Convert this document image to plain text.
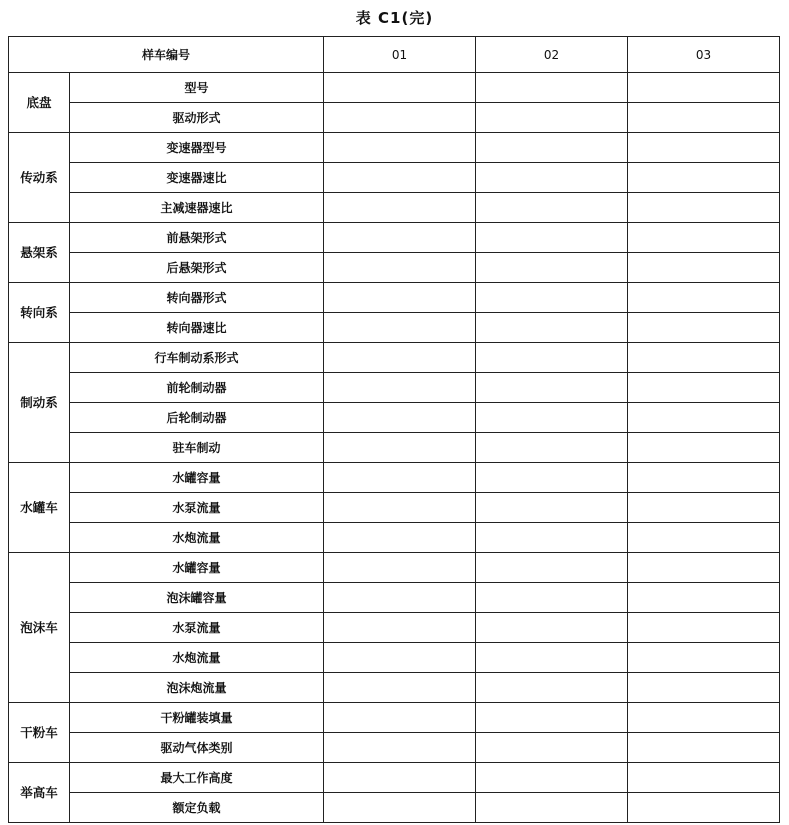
表 C1(完)
样车编号		01	02	03
底盘	型号			
	驱动形式			
传动系	变速器型号			
	变速器速比			
	主减速器速比			
悬架系	前悬架形式			
	后悬架形式			
转向系	转向器形式			
	转向器速比			
制动系	行车制动系形式			
	前轮制动器			
	后轮制动器			
	驻车制动			
水罐车	水罐容量			
	水泵流量			
	水炮流量			
泡沫车	水罐容量			
	泡沫罐容量			
	水泵流量			
	水炮流量			
	泡沫炮流量			
干粉车	干粉罐装填量			
	驱动气体类别			
举高车	最大工作高度			
	额定负载			
